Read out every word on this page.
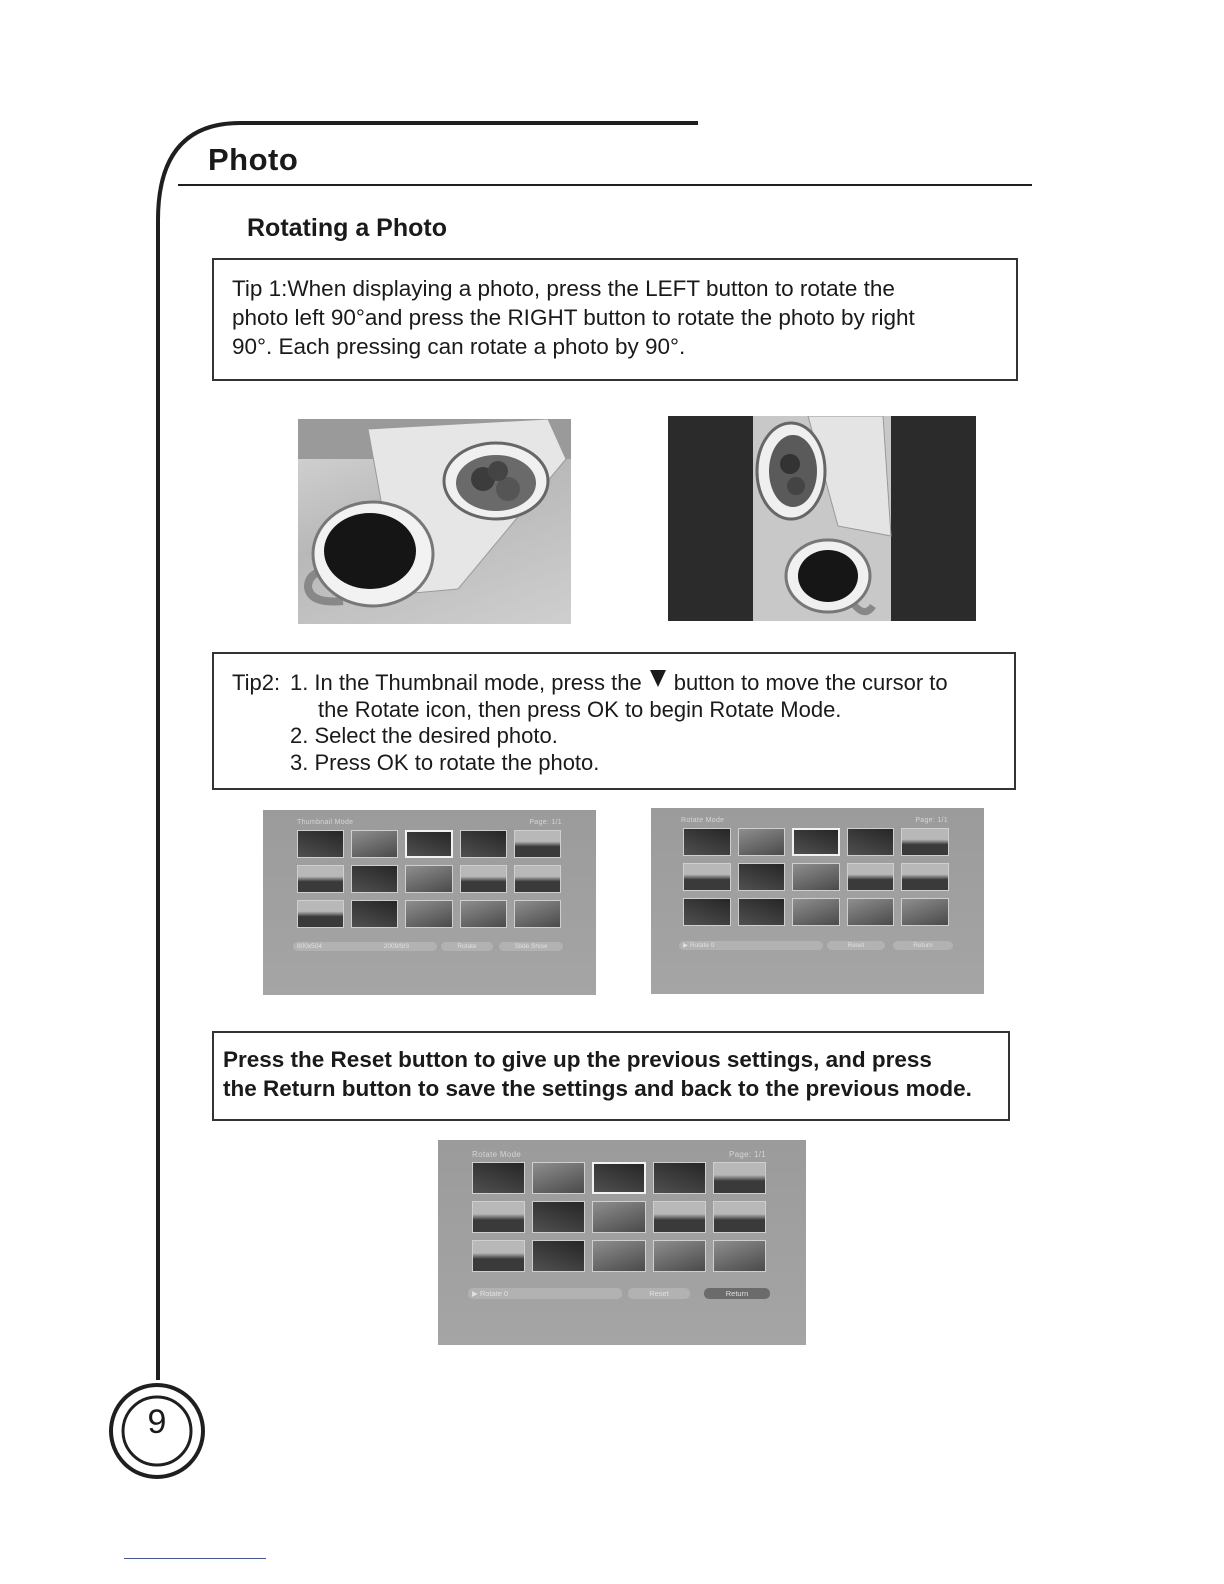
Photo
Rotating a Photo
Tip 1:When displaying a photo, press the LEFT button to rotate the
photo left 90°and press the RIGHT button to rotate the photo by right
90°. Each pressing can rotate a photo by 90°.
Tip2: 1. In the Thumbnail mode, press the button to move the cursor to
the Rotate icon, then press OK to begin Rotate Mode.
2. Select the desired photo.
3. Press OK to rotate the photo.
Thumbnail Mode	Page: 1/1
800x504	2009/9/3	Rotate	Slide Show
Rotate Mode	Page: 1/1
▶ Rotate 0	Reset	Return
Press the Reset button to give up the previous settings, and press
the Return button to save the settings and back to the previous mode.
Rotate Mode	Page: 1/1
▶ Rotate 0	Reset	Return
9
